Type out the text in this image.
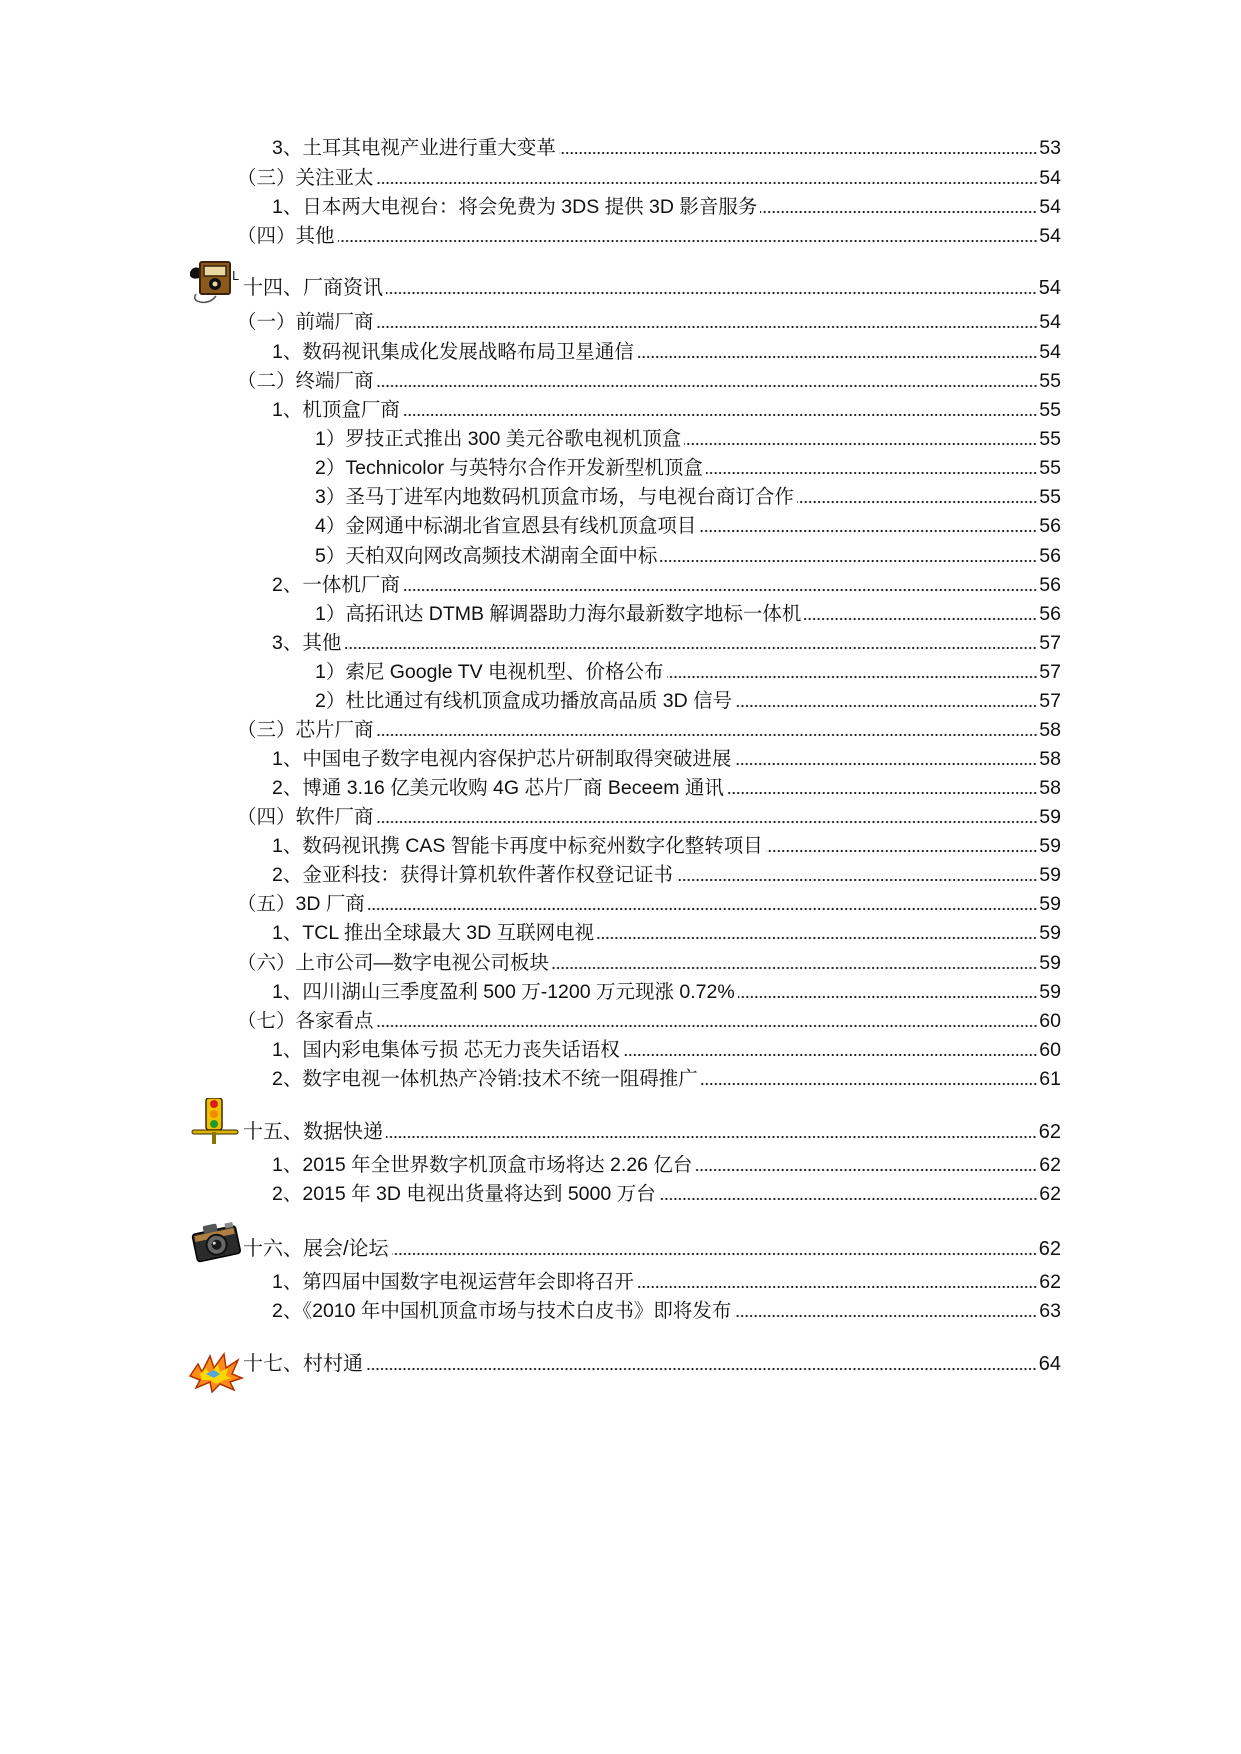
3、土耳其电视产业进行重大变革	53
（三）关注亚太	54
1、日本两大电视台：将会免费为 3DS 提供 3D 影音服务	54
（四）其他	54
十四、厂商资讯	54
L
（一）前端厂商	54
1、数码视讯集成化发展战略布局卫星通信	54
（二）终端厂商	55
1、机顶盒厂商	55
1）罗技正式推出 300 美元谷歌电视机顶盒	55
2）Technicolor 与英特尔合作开发新型机顶盒	55
3）圣马丁进军内地数码机顶盒市场，与电视台商订合作	55
4）金网通中标湖北省宣恩县有线机顶盒项目	56
5）天柏双向网改高频技术湖南全面中标	56
2、一体机厂商	56
1）高拓讯达 DTMB 解调器助力海尔最新数字地标一体机	56
3、其他	57
1）索尼 Google TV 电视机型、价格公布	57
2）杜比通过有线机顶盒成功播放高品质 3D 信号	57
（三）芯片厂商	58
1、中国电子数字电视内容保护芯片研制取得突破进展	58
2、博通 3.16 亿美元收购 4G 芯片厂商 Beceem 通讯	58
（四）软件厂商	59
1、数码视讯携 CAS 智能卡再度中标兖州数字化整转项目	59
2、金亚科技：获得计算机软件著作权登记证书	59
（五）3D 厂商	59
1、TCL 推出全球最大 3D 互联网电视	59
（六）上市公司—数字电视公司板块	59
1、四川湖山三季度盈利 500 万-1200 万元现涨 0.72%	59
（七）各家看点	60
1、国内彩电集体亏损 芯无力丧失话语权	60
2、数字电视一体机热产冷销:技术不统一阻碍推广	61
十五、数据快递	62
1、2015 年全世界数字机顶盒市场将达 2.26 亿台	62
2、2015 年 3D 电视出货量将达到 5000 万台	62
十六、展会/论坛	62
1、第四届中国数字电视运营年会即将召开	62
2、《2010 年中国机顶盒市场与技术白皮书》即将发布	63
十七、村村通	64
